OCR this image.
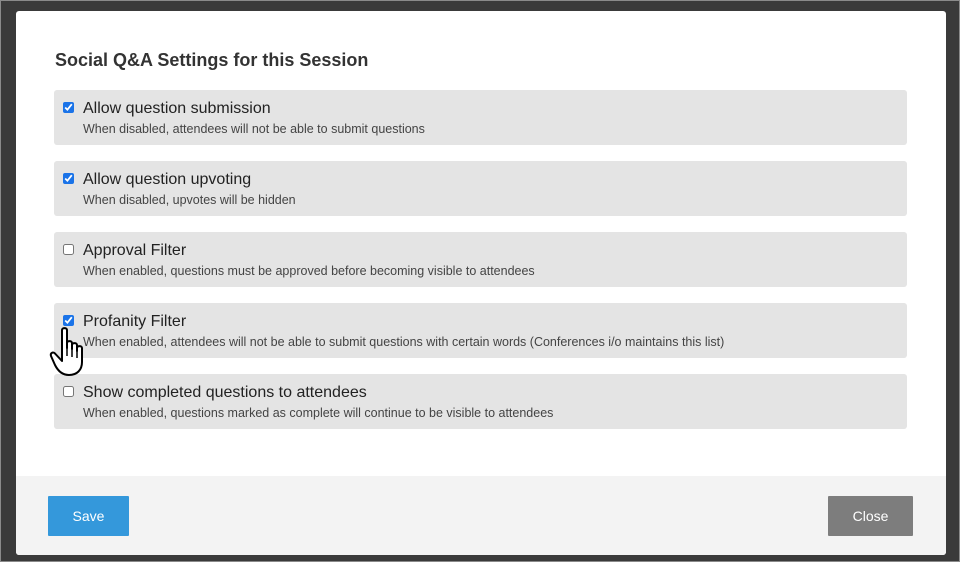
Social Q&A Settings for this Session
Allow question submission
When disabled, attendees will not be able to submit questions
Allow question upvoting
When disabled, upvotes will be hidden
Approval Filter
When enabled, questions must be approved before becoming visible to attendees
Profanity Filter
When enabled, attendees will not be able to submit questions with certain words (Conferences i/o maintains this list)
Show completed questions to attendees
When enabled, questions marked as complete will continue to be visible to attendees
Save	Close
